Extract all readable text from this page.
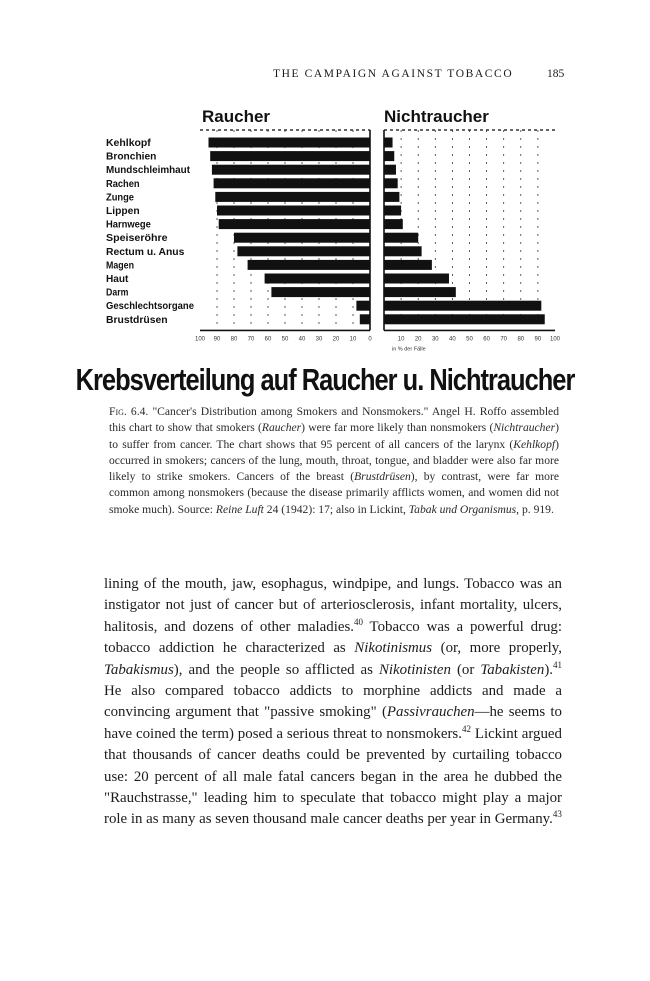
THE CAMPAIGN AGAINST TOBACCO	185
Raucher	Nichtraucher
Kehlkopf
Bronchien
Mundschleimhaut
Rachen
Zunge
Lippen
Harnwege
Speiseröhre
Rectum u. Anus
Magen
Haut
Darm
Geschlechtsorgane
Brustdrüsen
100 90 80 70 60 50 40 30 20 10 0	10 20 30 40 50 60 70 80 90 100
in % der Fälle
Krebsverteilung auf Raucher u. Nichtraucher
Fig. 6.4. "Cancer's Distribution among Smokers and Nonsmokers." Angel H. Roffo assembled this chart to show that smokers (Raucher) were far more likely than nonsmokers (Nichtraucher) to suffer from cancer. The chart shows that 95 percent of all cancers of the larynx (Kehlkopf) occurred in smokers; cancers of the lung, mouth, throat, tongue, and bladder were also far more likely to strike smokers. Cancers of the breast (Brustdrüsen), by contrast, were far more common among nonsmokers (because the disease primarily afflicts women, and women did not smoke much). Source: Reine Luft 24 (1942): 17; also in Lickint, Tabak und Organismus, p. 919.

lining of the mouth, jaw, esophagus, windpipe, and lungs. Tobacco was an instigator not just of cancer but of arteriosclerosis, infant mortality, ulcers, halitosis, and dozens of other maladies.$^{40}$ Tobacco was a powerful drug: tobacco addiction he characterized as Nikotinismus (or, more properly, Tabakismus), and the people so afflicted as Nikotinisten (or Tabakisten).$^{41}$ He also compared tobacco addicts to morphine addicts and made a convincing argument that "passive smoking" (Passivrauchen—he seems to have coined the term) posed a serious threat to nonsmokers.$^{42}$ Lickint argued that thousands of cancer deaths could be prevented by curtailing tobacco use: 20 percent of all male fatal cancers began in the area he dubbed the "Rauchstrasse," leading him to speculate that tobacco might play a major role in as many as seven thousand male cancer deaths per year in Germany.$^{43}$
